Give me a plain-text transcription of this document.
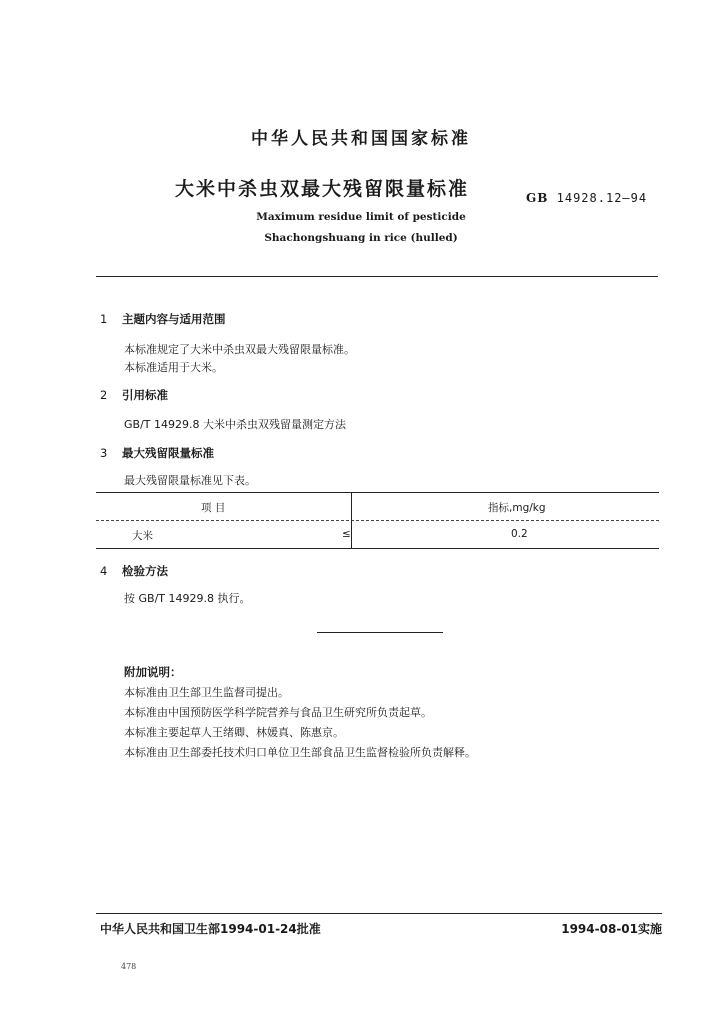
中华人民共和国国家标准
大米中杀虫双最大残留限量标准	GB 14928.12–94
Maximum residue limit of pesticide
Shachongshuang in rice (hulled)
1 主题内容与适用范围
本标准规定了大米中杀虫双最大残留限量标准。
本标准适用于大米。
2 引用标准
GB/T 14929.8 大米中杀虫双残留量测定方法
3 最大残留限量标准
最大残留限量标准见下表。
项 目	指标,mg/kg
大米	≤	0.2
4 检验方法
按 GB/T 14929.8 执行。
附加说明：
本标准由卫生部卫生监督司提出。
本标准由中国预防医学科学院营养与食品卫生研究所负责起草。
本标准主要起草人王绪卿、林媛真、陈惠京。
本标准由卫生部委托技术归口单位卫生部食品卫生监督检验所负责解释。
中华人民共和国卫生部1994-01-24批准	1994-08-01实施
478
